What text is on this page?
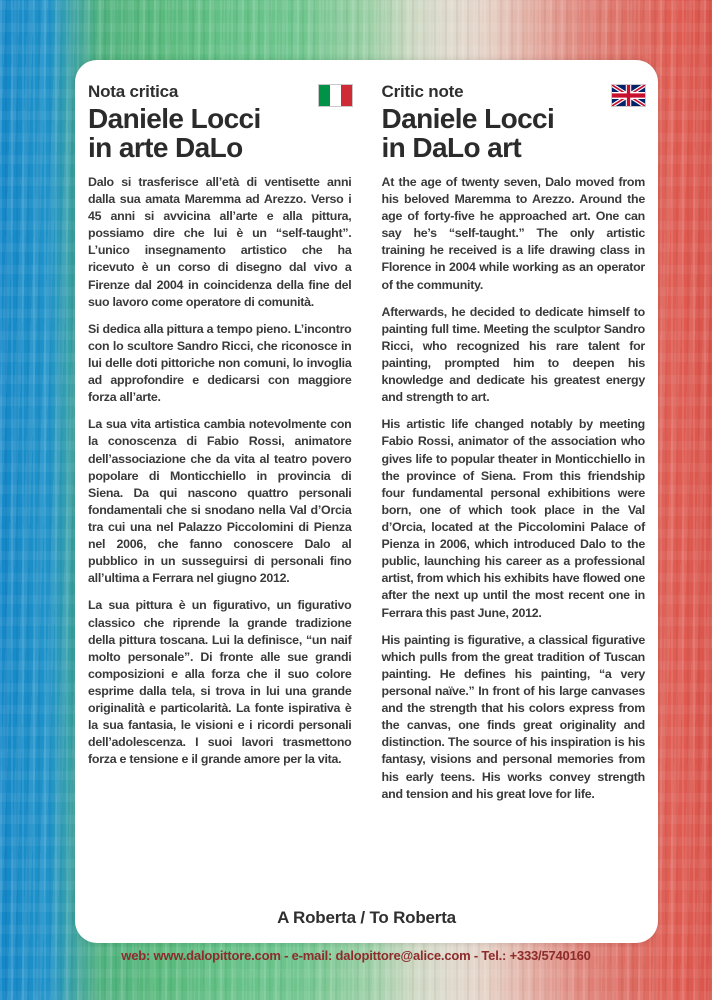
Nota critica
Daniele Locci
in arte DaLo

Dalo si trasferisce all’età di ventisette anni dalla sua amata Maremma ad Arezzo. Verso i 45 anni si avvicina all’arte e alla pittura, possiamo dire che lui è un “self-taught”. L’unico insegnamento artistico che ha ricevuto è un corso di disegno dal vivo a Firenze dal 2004 in coincidenza della fine del suo lavoro come operatore di comunità.

Si dedica alla pittura a tempo pieno. L’incontro con lo scultore Sandro Ricci, che riconosce in lui delle doti pittoriche non comuni, lo invoglia ad approfondire e dedicarsi con maggiore forza all’arte.

La sua vita artistica cambia notevolmente con la conoscenza di Fabio Rossi, animatore dell’associazione che da vita al teatro povero popolare di Monticchiello in provincia di Siena. Da qui nascono quattro personali fondamentali che si snodano nella Val d’Orcia tra cui una nel Palazzo Piccolomini di Pienza nel 2006, che fanno conoscere Dalo al pubblico in un susseguirsi di personali fino all’ultima a Ferrara nel giugno 2012.

La sua pittura è un figurativo, un figurativo classico che riprende la grande tradizione della pittura toscana. Lui la definisce, “un naif molto personale”. Di fronte alle sue grandi composizioni e alla forza che il suo colore esprime dalla tela, si trova in lui una grande originalità e particolarità. La fonte ispirativa è la sua fantasia, le visioni e i ricordi personali dell’adolescenza. I suoi lavori trasmettono forza e tensione e il grande amore per la vita.

Critic note
Daniele Locci
in DaLo art

At the age of twenty seven, Dalo moved from his beloved Maremma to Arezzo. Around the age of forty-five he approached art. One can say he’s “self-taught.” The only artistic training he received is a life drawing class in Florence in 2004 while working as an operator of the community.

Afterwards, he decided to dedicate himself to painting full time. Meeting the sculptor Sandro Ricci, who recognized his rare talent for painting, prompted him to deepen his knowledge and dedicate his greatest energy and strength to art.

His artistic life changed notably by meeting Fabio Rossi, animator of the association who gives life to popular theater in Monticchiello in the province of Siena. From this friendship four fundamental personal exhibitions were born, one of which took place in the Val d’Orcia, located at the Piccolomini Palace of Pienza in 2006, which introduced Dalo to the public, launching his career as a professional artist, from which his exhibits have flowed one after the next up until the most recent one in Ferrara this past June, 2012.

His painting is figurative, a classical figurative which pulls from the great tradition of Tuscan painting. He defines his painting, “a very personal naïve.” In front of his large canvases and the strength that his colors express from the canvas, one finds great originality and distinction. The source of his inspiration is his fantasy, visions and personal memories from his early teens. His works convey strength and tension and his great love for life.

A Roberta / To Roberta
web: www.dalopittore.com - e-mail: dalopittore@alice.com - Tel.: +333/5740160
